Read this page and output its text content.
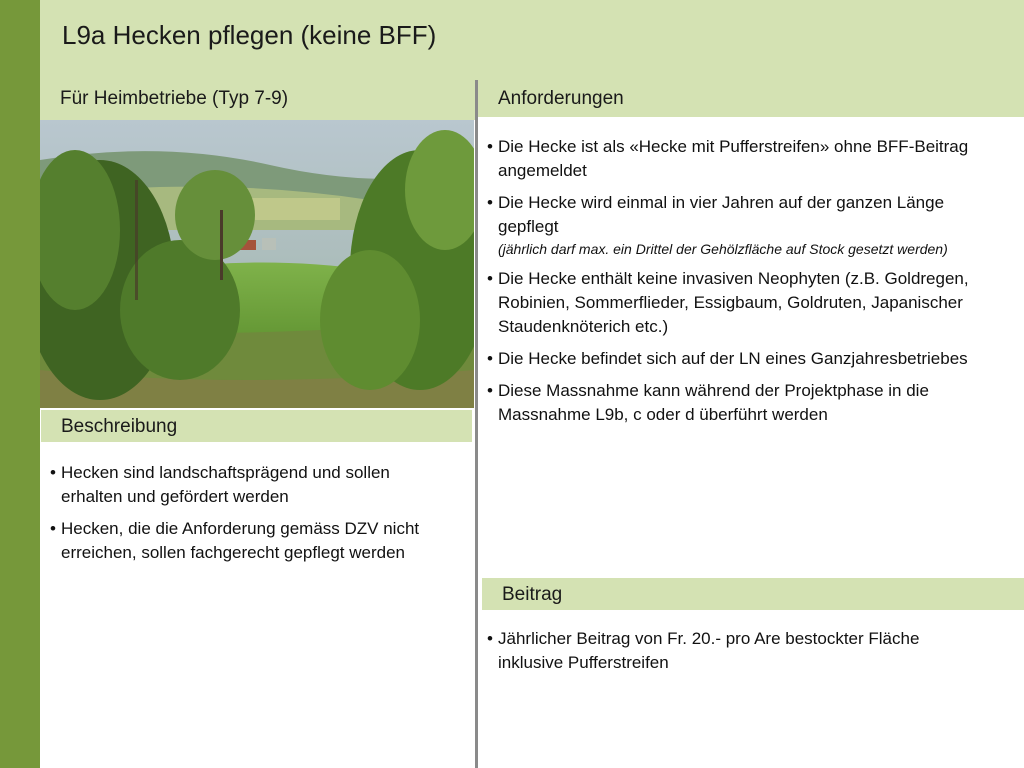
L9a Hecken pflegen (keine BFF)
Für Heimbetriebe (Typ 7-9)	Anforderungen
• Die Hecke ist als «Hecke mit Pufferstreifen» ohne BFF-Beitrag angemeldet
• Die Hecke wird einmal in vier Jahren auf der ganzen Länge gepflegt
(jährlich darf max. ein Drittel der Gehölzfläche auf Stock gesetzt werden)
• Die Hecke enthält keine invasiven Neophyten (z.B. Goldregen, Robinien, Sommerflieder, Essigbaum, Goldruten, Japanischer Staudenknöterich etc.)
• Die Hecke befindet sich auf der LN eines Ganzjahresbetriebes
• Diese Massnahme kann während der Projektphase in die Massnahme L9b, c oder d überführt werden
Beschreibung
• Hecken sind landschaftsprägend und sollen erhalten und gefördert werden
• Hecken, die die Anforderung gemäss DZV nicht erreichen, sollen fachgerecht gepflegt werden
Beitrag
• Jährlicher Beitrag von Fr. 20.- pro Are bestockter Fläche inklusive Pufferstreifen
